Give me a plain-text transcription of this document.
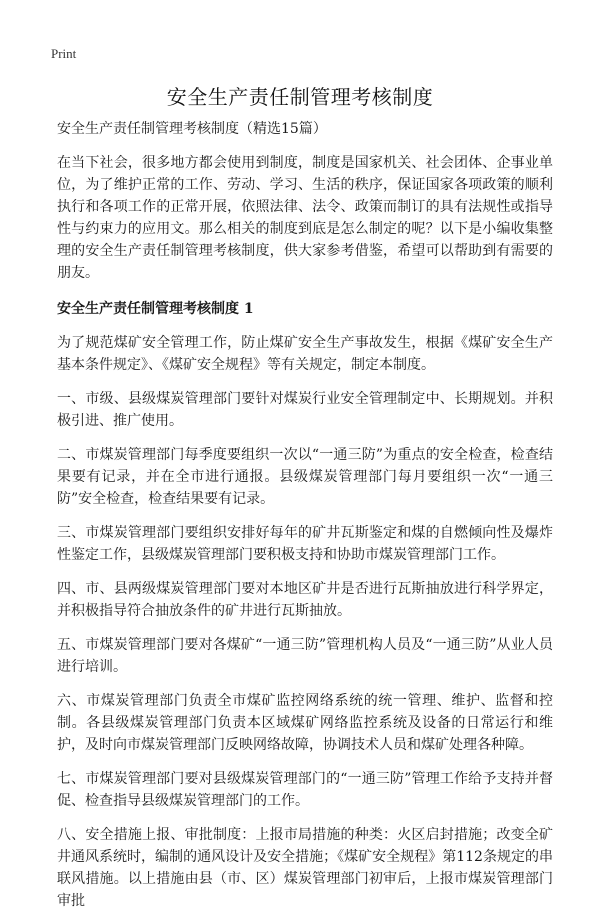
Print
安全生产责任制管理考核制度

安全生产责任制管理考核制度（精选15篇）

在当下社会，很多地方都会使用到制度，制度是国家机关、社会团体、企事业单位，为了维护正常的工作、劳动、学习、生活的秩序，保证国家各项政策的顺利执行和各项工作的正常开展，依照法律、法令、政策而制订的具有法规性或指导性与约束力的应用文。那么相关的制度到底是怎么制定的呢？以下是小编收集整理的安全生产责任制管理考核制度，供大家参考借鉴，希望可以帮助到有需要的朋友。

安全生产责任制管理考核制度 1

为了规范煤矿安全管理工作，防止煤矿安全生产事故发生，根据《煤矿安全生产基本条件规定》、《煤矿安全规程》等有关规定，制定本制度。

一、市级、县级煤炭管理部门要针对煤炭行业安全管理制定中、长期规划。并积极引进、推广使用。

二、市煤炭管理部门每季度要组织一次以“一通三防”为重点的安全检查，检查结果要有记录，并在全市进行通报。县级煤炭管理部门每月要组织一次“一通三防”安全检查，检查结果要有记录。

三、市煤炭管理部门要组织安排好每年的矿井瓦斯鉴定和煤的自燃倾向性及爆炸性鉴定工作，县级煤炭管理部门要积极支持和协助市煤炭管理部门工作。

四、市、县两级煤炭管理部门要对本地区矿井是否进行瓦斯抽放进行科学界定，并积极指导符合抽放条件的矿井进行瓦斯抽放。

五、市煤炭管理部门要对各煤矿“一通三防”管理机构人员及“一通三防”从业人员进行培训。

六、市煤炭管理部门负责全市煤矿监控网络系统的统一管理、维护、监督和控制。各县级煤炭管理部门负责本区域煤矿网络监控系统及设备的日常运行和维护，及时向市煤炭管理部门反映网络故障，协调技术人员和煤矿处理各种障。

七、市煤炭管理部门要对县级煤炭管理部门的“一通三防”管理工作给予支持并督促、检查指导县级煤炭管理部门的工作。

八、安全措施上报、审批制度：上报市局措施的种类：火区启封措施；改变全矿井通风系统时，编制的通风设计及安全措施；《煤矿安全规程》第112条规定的串联风措施。以上措施由县（市、区）煤炭管理部门初审后，上报市煤炭管理部门审批
